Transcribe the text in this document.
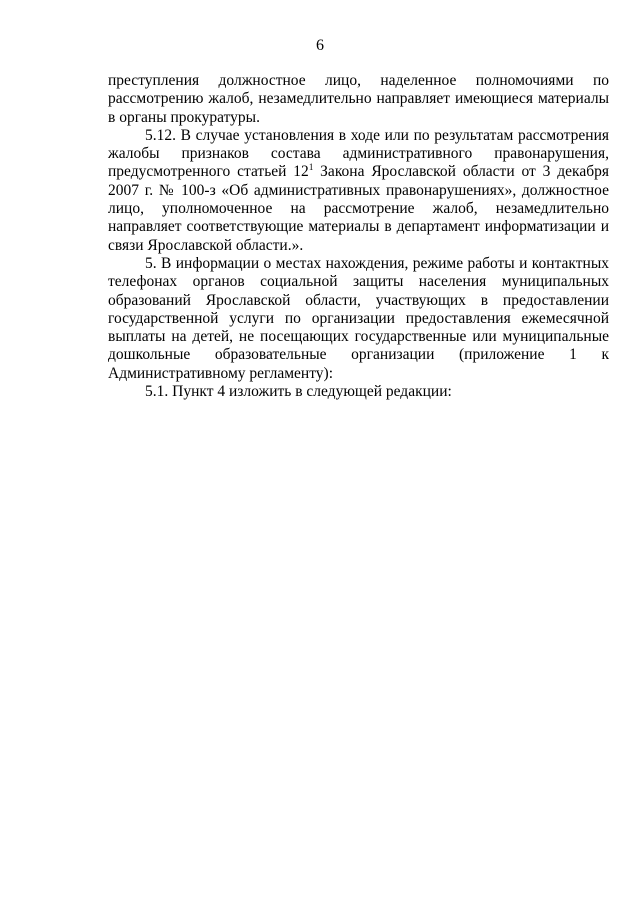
6

преступления должностное лицо, наделенное полномочиями по рассмотрению жалоб, незамедлительно направляет имеющиеся материалы в органы прокуратуры.

5.12. В случае установления в ходе или по результатам рассмотрения жалобы признаков состава административного правонарушения, предусмотренного статьей $12^1$ Закона Ярославской области от 3 декабря 2007 г. № 100-з «Об административных правонарушениях», должностное лицо, уполномоченное на рассмотрение жалоб, незамедлительно направляет соответствующие материалы в департамент информатизации и связи Ярославской области.».

5. В информации о местах нахождения, режиме работы и контактных телефонах органов социальной защиты населения муниципальных образований Ярославской области, участвующих в предоставлении государственной услуги по организации предоставления ежемесячной выплаты на детей, не посещающих государственные или муниципальные дошкольные образовательные организации (приложение 1 к Административному регламенту):

5.1. Пункт 4 изложить в следующей редакции:
